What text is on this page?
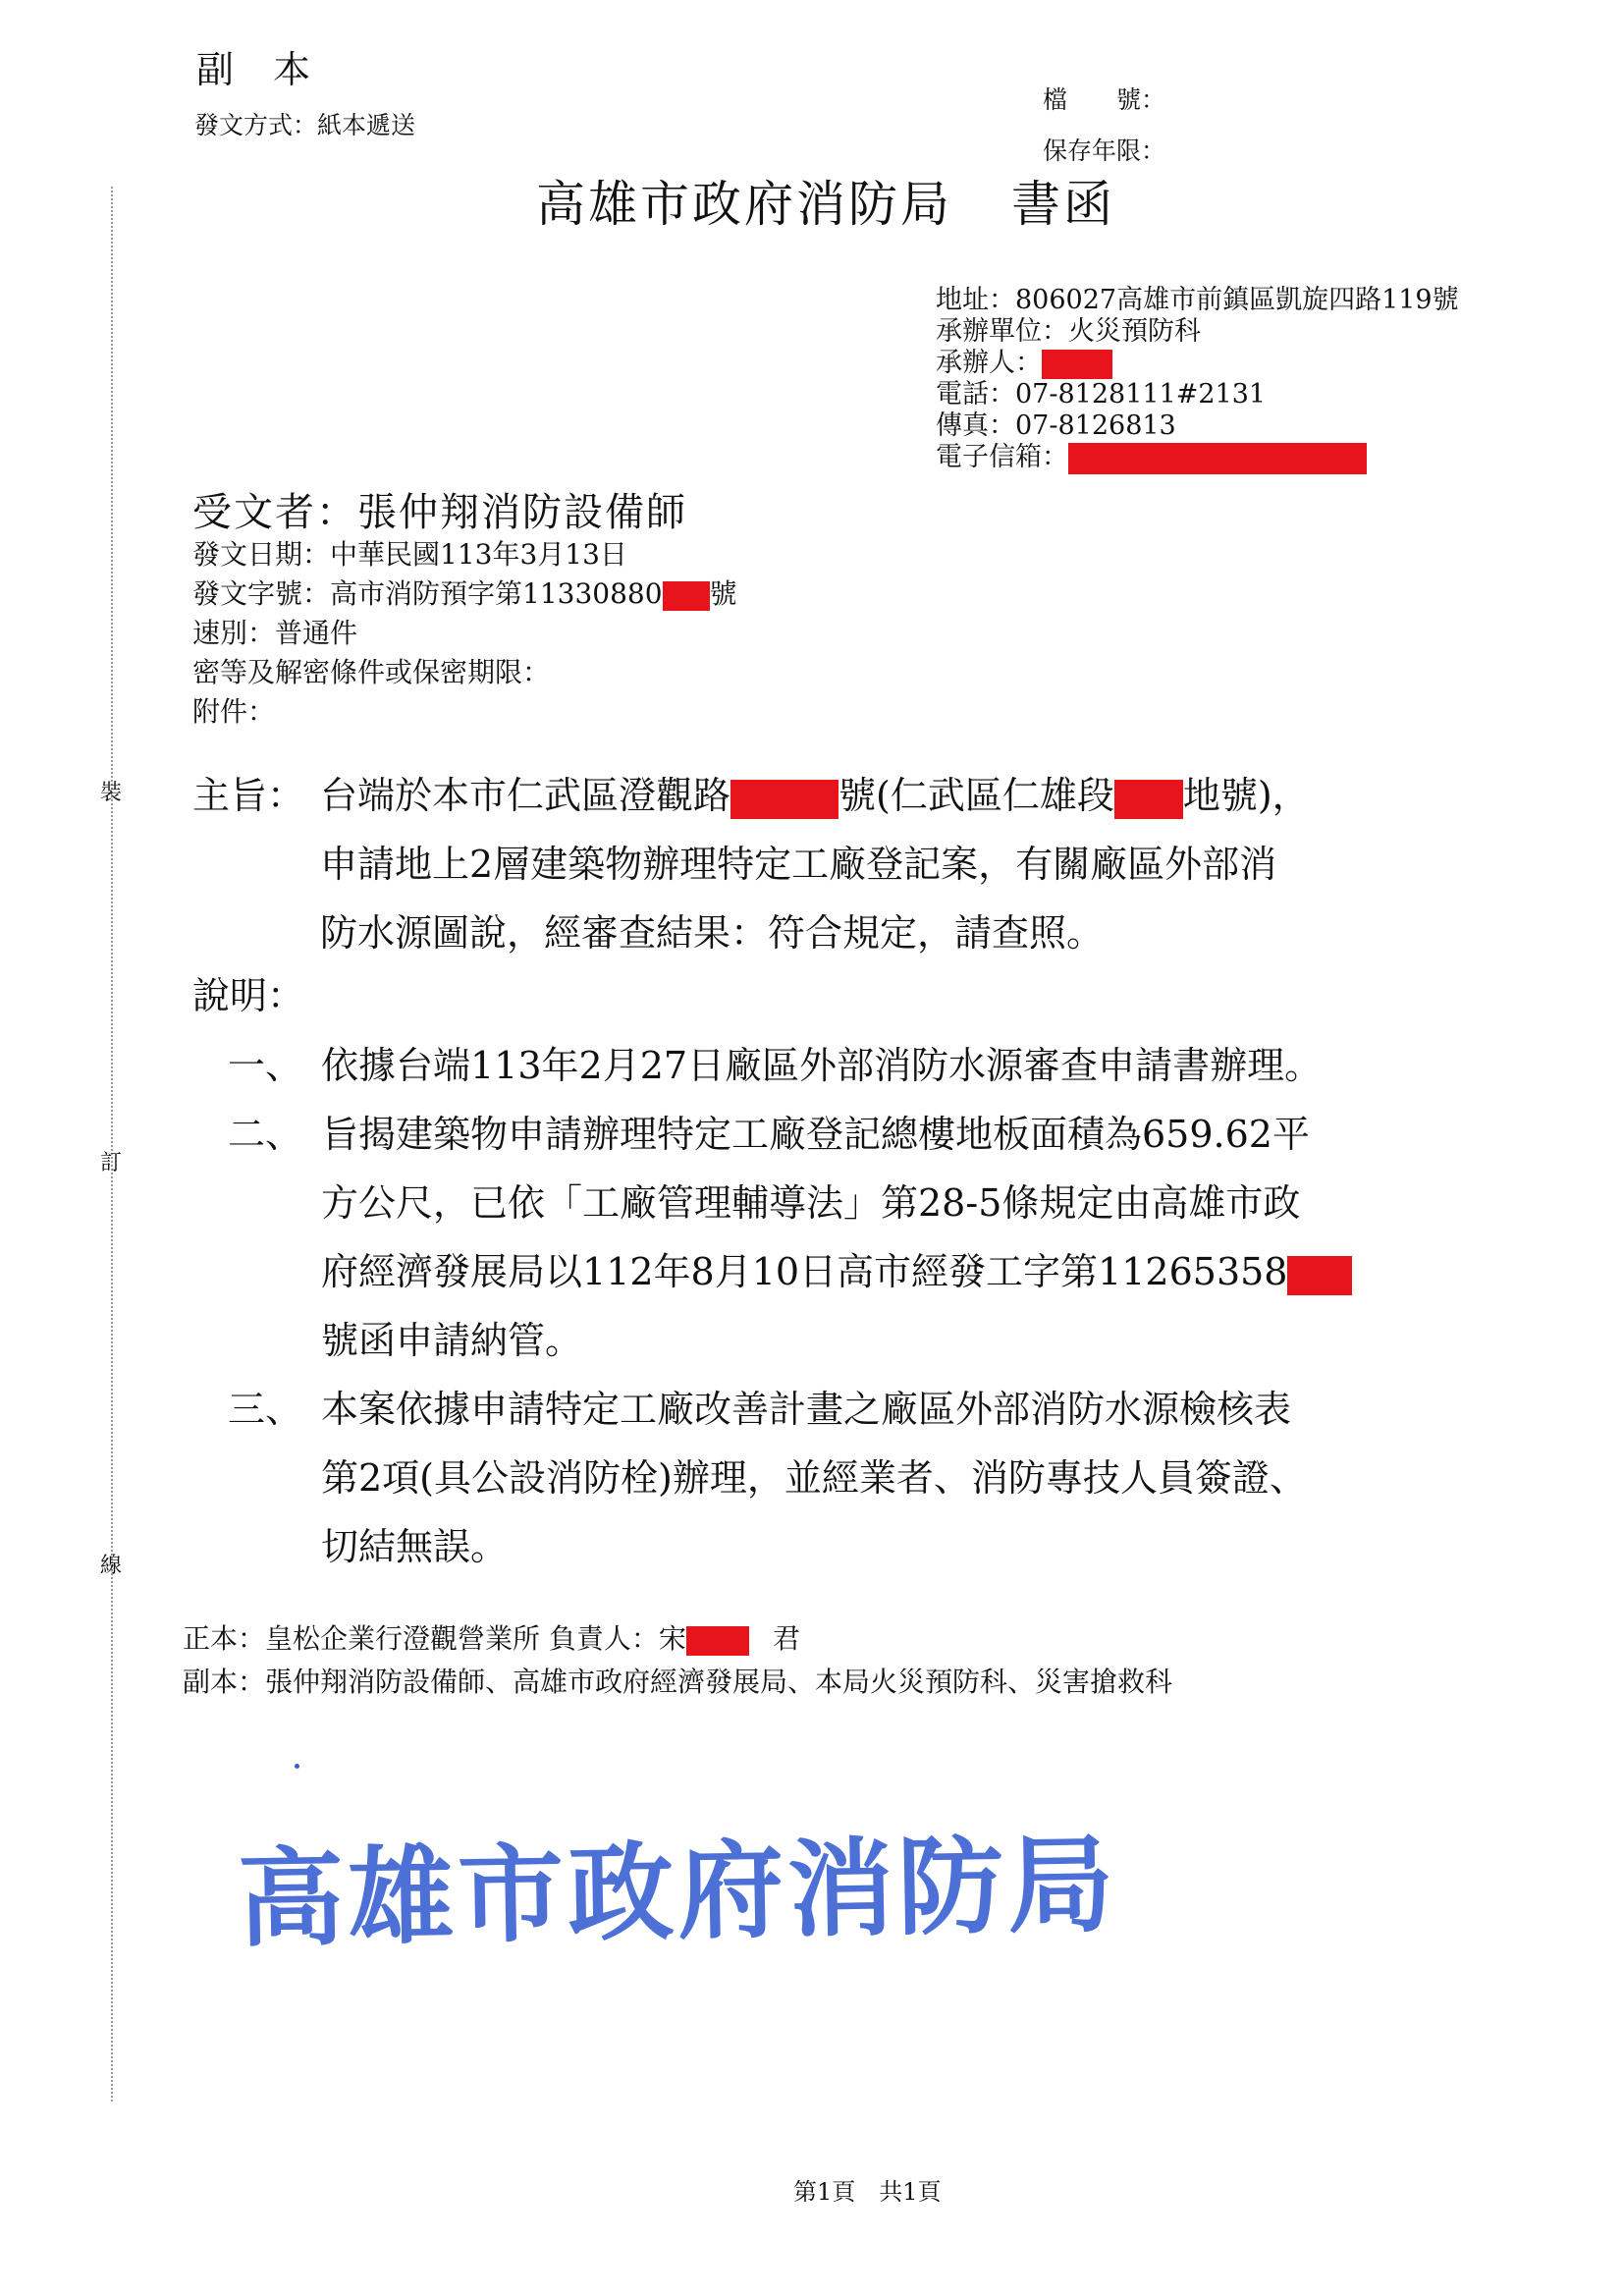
裝
訂
線
副 本
發文方式：紙本遞送
檔　　號：
保存年限：
高雄市政府消防局 書函
地址：806027高雄市前鎮區凱旋四路119號
承辦單位：火災預防科
承辦人：
電話：07-8128111#2131
傳真：07-8126813
電子信箱：
受文者：張仲翔消防設備師
發文日期：中華民國113年3月13日
發文字號：高市消防預字第11330880 號
速別：普通件
密等及解密條件或保密期限：
附件：
主旨： 台端於本市仁武區澄觀路	號(仁武區仁雄段 地號)，
申請地上2層建築物辦理特定工廠登記案，有關廠區外部消
防水源圖說，經審查結果：符合規定，請查照。
說明：
一、 依據台端113年2月27日廠區外部消防水源審查申請書辦理。
二、 旨揭建築物申請辦理特定工廠登記總樓地板面積為659.62平
方公尺，已依「工廠管理輔導法」第28-5條規定由高雄市政
府經濟發展局以112年8月10日高市經發工字第11265358
號函申請納管。
三、 本案依據申請特定工廠改善計畫之廠區外部消防水源檢核表
第2項(具公設消防栓)辦理，並經業者、消防專技人員簽證、
切結無誤。
正本：皇松企業行澄觀營業所 負責人：宋	君
副本：張仲翔消防設備師、高雄市政府經濟發展局、本局火災預防科、災害搶救科
高雄市政府消防局
第1頁　共1頁
